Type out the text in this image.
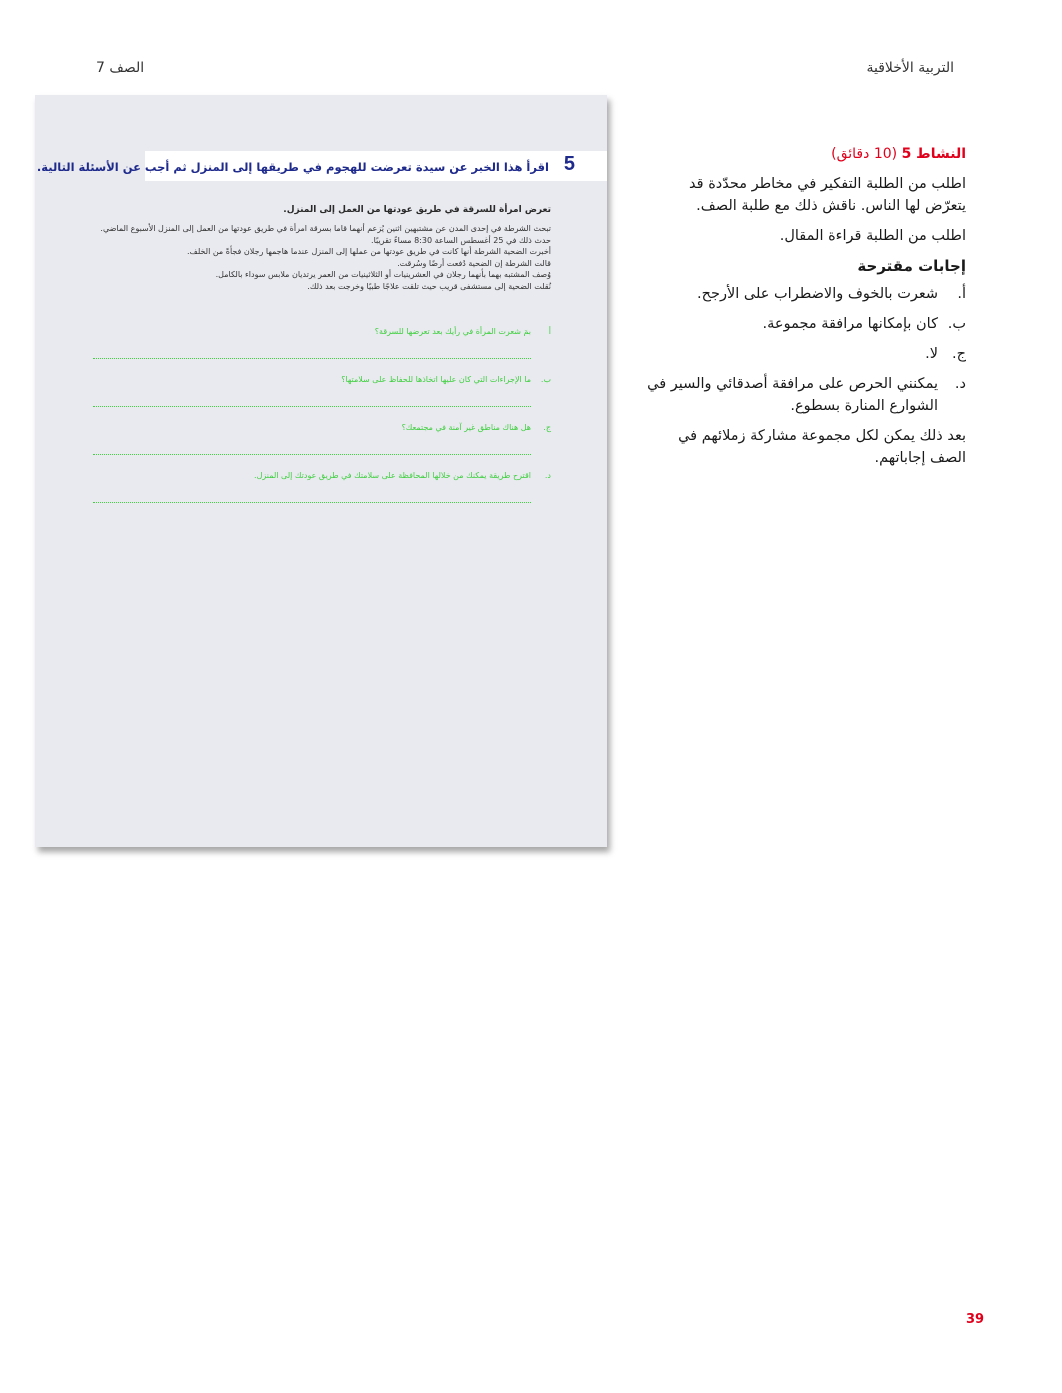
التربية الأخلاقية
الصف 7
5
اقرأ هذا الخبر عن سيدة تعرضت للهجوم في طريقها إلى المنزل ثم أجب عن الأسئلة التالية.
تعرض امرأة للسرقة في طريق عودتها من العمل إلى المنزل.

تبحث الشرطة في إحدى المدن عن مشتبهين اثنين يُزعم أنهما قاما بسرقة امرأة في طريق عودتها من العمل إلى المنزل الأسبوع الماضي.

حدث ذلك في 25 أغسطس الساعة 8:30 مساءً تقريبًا.

أخبرت الضحية الشرطة أنها كانت في طريق عودتها من عملها إلى المنزل عندما هاجمها رجلان فجأةً من الخلف.

قالت الشرطة إن الضحية دُفعت أرضًا وسُرقت.

وُصف المشتبه بهما بأنهما رجلان في العشرينيات أو الثلاثينيات من العمر يرتديان ملابس سوداء بالكامل.

نُقلت الضحية إلى مستشفى قريب حيث تلقت علاجًا طبيًا وخرجت بعد ذلك.

أ
بمَ شعرت المرأة في رأيك بعد تعرضها للسرقة؟
ب.
ما الإجراءات التي كان عليها اتخاذها للحفاظ على سلامتها؟
ج.
هل هناك مناطق غير آمنة في مجتمعك؟
د.
اقترح طريقة يمكنك من خلالها المحافظة على سلامتك في طريق عودتك إلى المنزل.
النشاط 5 (10 دقائق)

اطلب من الطلبة التفكير في مخاطر محدّدة قد يتعرّض لها الناس. ناقش ذلك مع طلبة الصف.

اطلب من الطلبة قراءة المقال.

إجابات مقترحة

أ.
شعرت بالخوف والاضطراب على الأرجح.
ب.
كان بإمكانها مرافقة مجموعة.
ج.
لا.
د.
يمكنني الحرص على مرافقة أصدقائي والسير في الشوارع المنارة بسطوع.

بعد ذلك يمكن لكل مجموعة مشاركة زملائهم في الصف إجاباتهم.

39
